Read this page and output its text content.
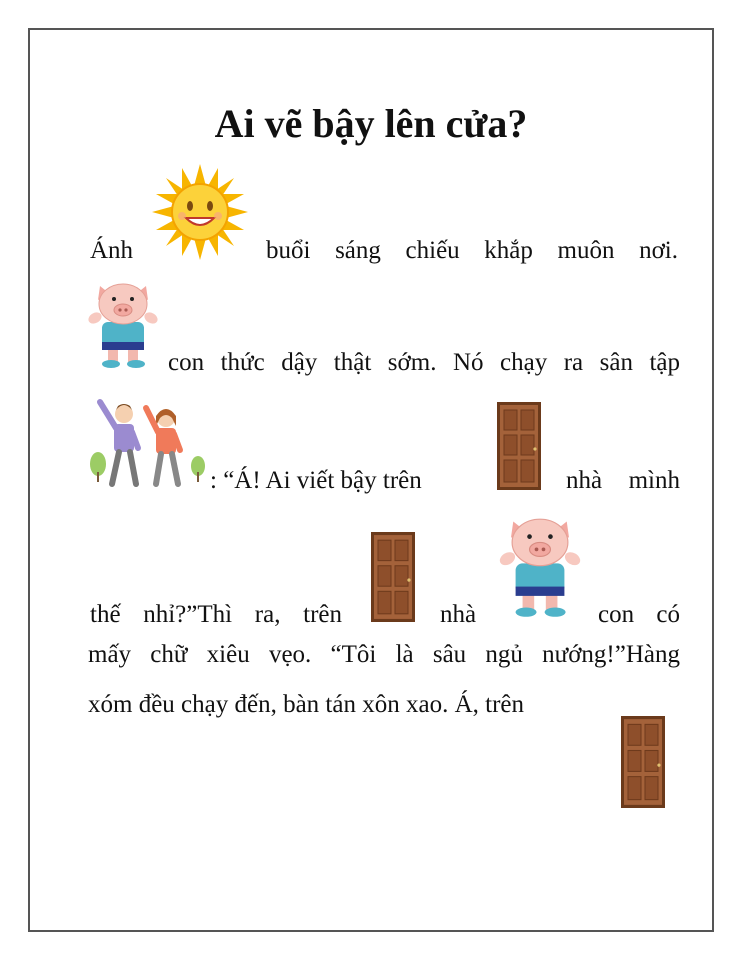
Ai vẽ bậy lên cửa?
Ánh	buổi sáng chiếu khắp muôn nơi.
con thức dậy thật sớm. Nó chạy ra sân tập
: “Á! Ai viết bậy trên	nhà mình
thế nhỉ?”Thì ra, trên	nhà	con có
mấy chữ xiêu vẹo. “Tôi là sâu ngủ nướng!”Hàng
xóm đều chạy đến, bàn tán xôn xao. Á, trên
